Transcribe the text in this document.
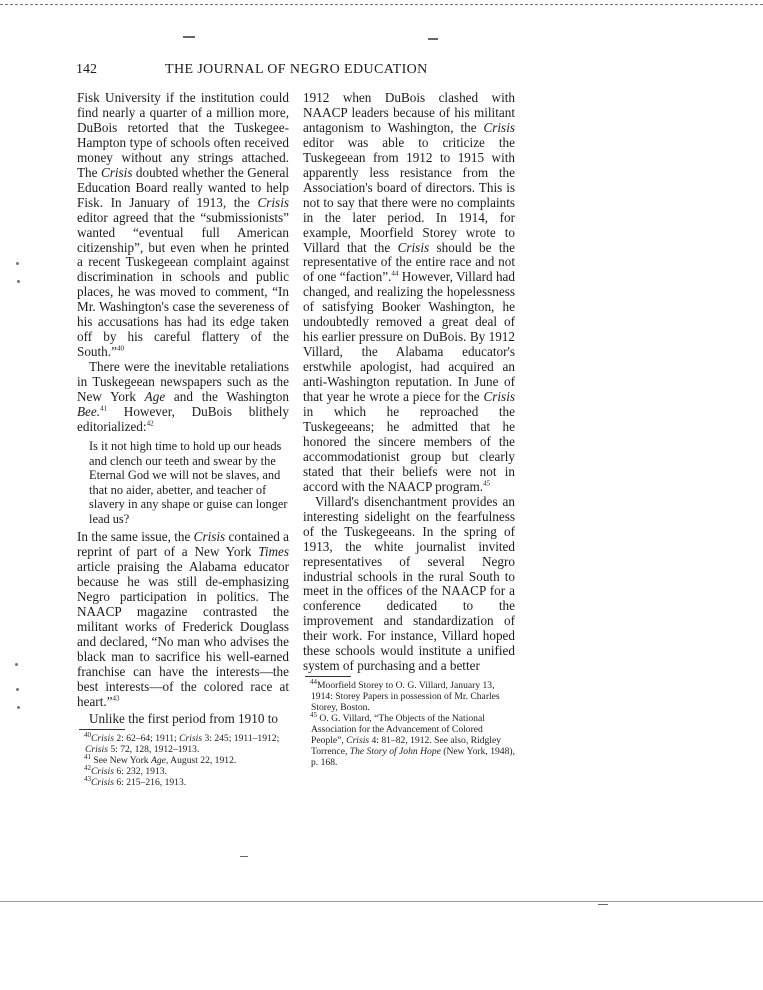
142	THE JOURNAL OF NEGRO EDUCATION

Fisk University if the institution could find nearly a quarter of a million more, DuBois retorted that the Tuskegee-Hampton type of schools often received money without any strings attached. The Crisis doubted whether the General Education Board really wanted to help Fisk. In January of 1913, the Crisis editor agreed that the “submissionists” wanted “eventual full American citizenship”, but even when he printed a recent Tuskegeean complaint against discrimination in schools and public places, he was moved to comment, “In Mr. Washington's case the severeness of his accusations has had its edge taken off by his careful flattery of the South.”$^{40}$

There were the inevitable retaliations in Tuskegeean newspapers such as the New York Age and the Washington Bee.$^{41}$ However, DuBois blithely editorialized:$^{42}$

Is it not high time to hold up our heads and clench our teeth and swear by the Eternal God we will not be slaves, and that no aider, abetter, and teacher of slavery in any shape or guise can longer lead us?

In the same issue, the Crisis contained a reprint of part of a New York Times article praising the Alabama educator because he was still de-emphasizing Negro participation in politics. The NAACP magazine contrasted the militant works of Frederick Douglass and declared, “No man who advises the black man to sacrifice his well-earned franchise can have the interests—the best interests—of the colored race at heart.”$^{43}$

Unlike the first period from 1910 to

$^{40}$Crisis 2: 62–64; 1911; Crisis 3: 245; 1911–1912; Crisis 5: 72, 128, 1912–1913.
$^{41}$ See New York Age, August 22, 1912.
$^{42}$Crisis 6: 232, 1913.
$^{43}$Crisis 6: 215–216, 1913.

1912 when DuBois clashed with NAACP leaders because of his militant antagonism to Washington, the Crisis editor was able to criticize the Tuskegeean from 1912 to 1915 with apparently less resistance from the Association's board of directors. This is not to say that there were no complaints in the later period. In 1914, for example, Moorfield Storey wrote to Villard that the Crisis should be the representative of the entire race and not of one “faction”.$^{44}$ However, Villard had changed, and realizing the hopelessness of satisfying Booker Washington, he undoubtedly removed a great deal of his earlier pressure on DuBois. By 1912 Villard, the Alabama educator's erstwhile apologist, had acquired an anti-Washington reputation. In June of that year he wrote a piece for the Crisis in which he reproached the Tuskegeeans; he admitted that he honored the sincere members of the accommodationist group but clearly stated that their beliefs were not in accord with the NAACP program.$^{45}$

Villard's disenchantment provides an interesting sidelight on the fearfulness of the Tuskegeeans. In the spring of 1913, the white journalist invited representatives of several Negro industrial schools in the rural South to meet in the offices of the NAACP for a conference dedicated to the improvement and standardization of their work. For instance, Villard hoped these schools would institute a unified system of purchasing and a better

$^{44}$Moorfield Storey to O. G. Villard, January 13, 1914: Storey Papers in possession of Mr. Charles Storey, Boston.
$^{45}$ O. G. Villard, “The Objects of the National Association for the Advancement of Colored People”, Crisis 4: 81–82, 1912. See also, Ridgley Torrence, The Story of John Hope (New York, 1948), p. 168.
